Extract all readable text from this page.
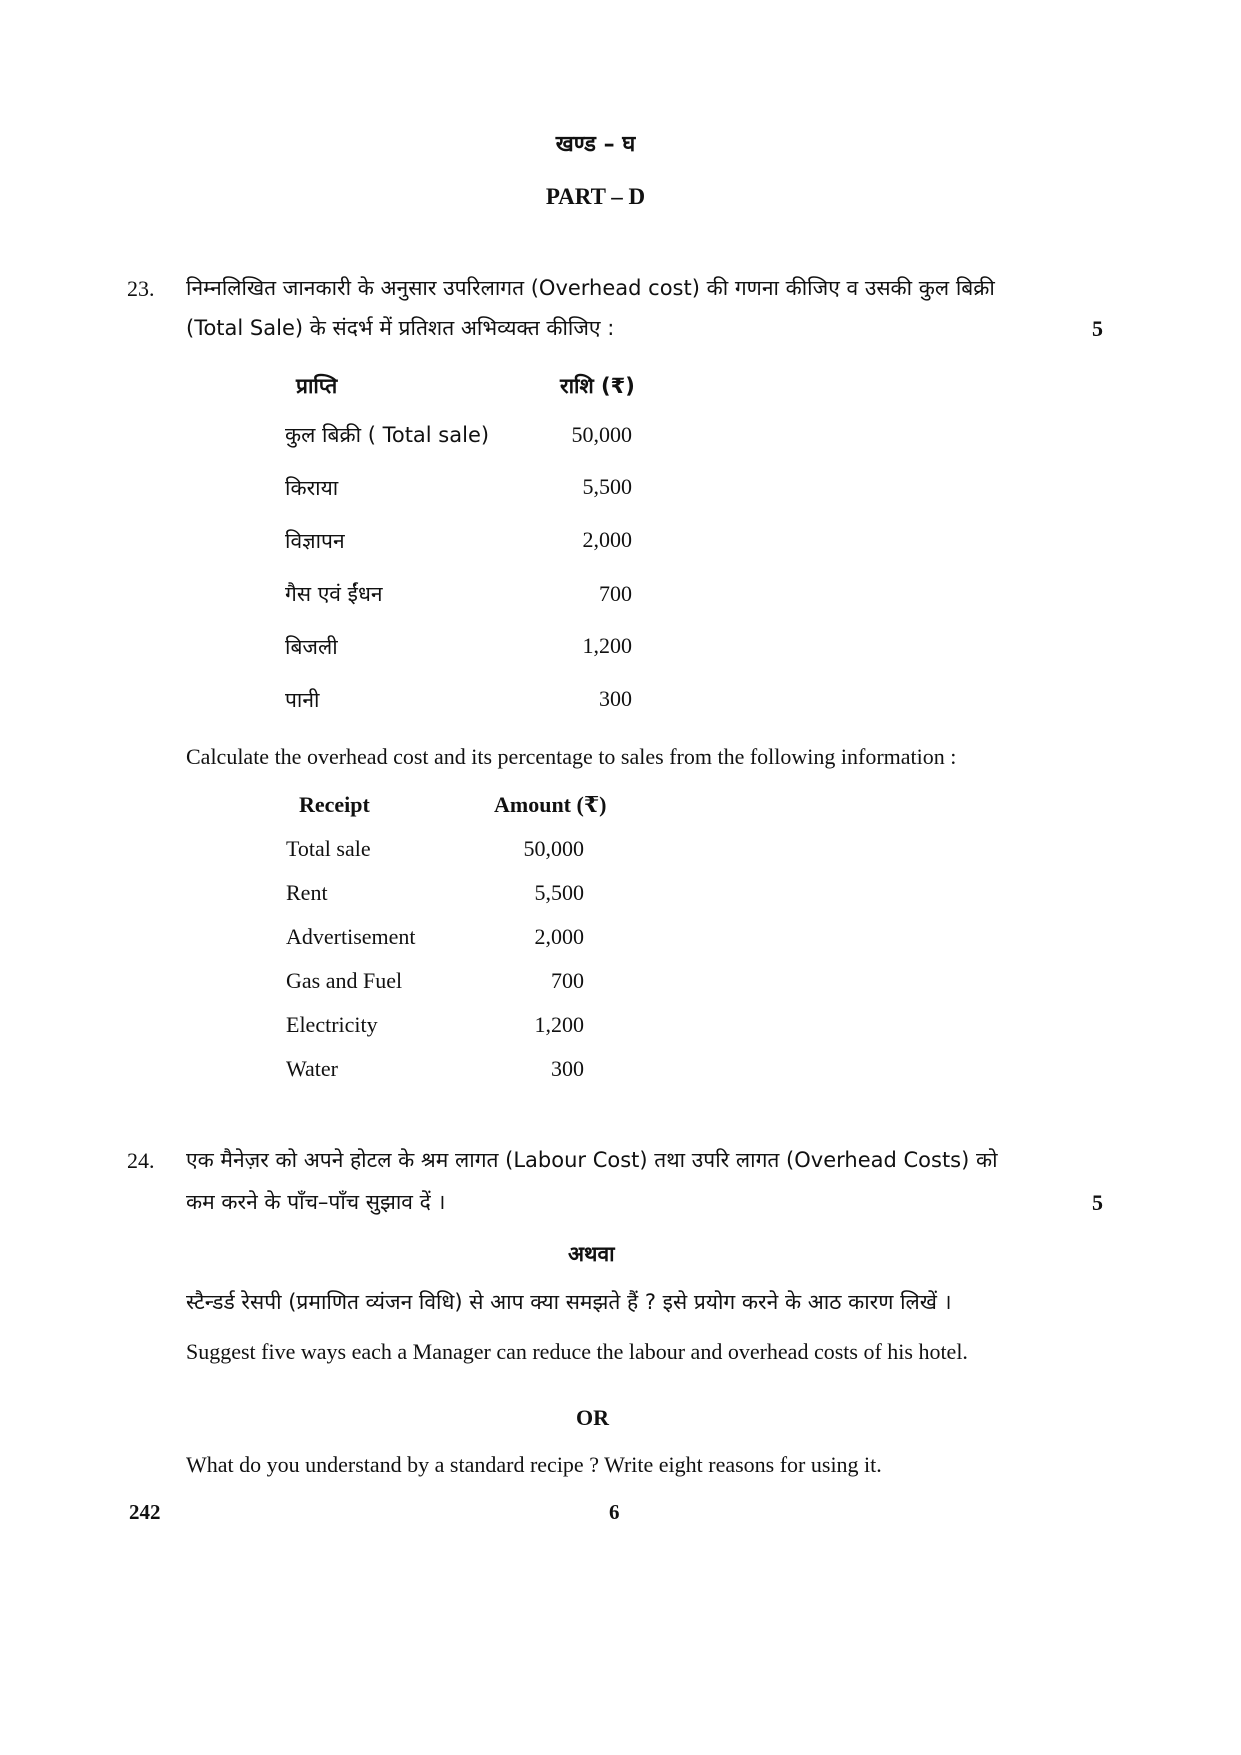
खण्ड – घ
PART – D
23. निम्नलिखित जानकारी के अनुसार उपरिलागत (Overhead cost) की गणना कीजिए व उसकी कुल बिक्री
(Total Sale) के संदर्भ में प्रतिशत अभिव्यक्त कीजिए :	5
प्राप्ति	राशि (₹)
कुल बिक्री ( Total sale)	50,000
किराया	5,500
विज्ञापन	2,000
गैस एवं ईंधन	700
बिजली	1,200
पानी	300
Calculate the overhead cost and its percentage to sales from the following information :
Receipt	Amount (₹)
Total sale	50,000
Rent	5,500
Advertisement	2,000
Gas and Fuel	700
Electricity	1,200
Water	300
24. एक मैनेज़र को अपने होटल के श्रम लागत (Labour Cost) तथा उपरि लागत (Overhead Costs) को
कम करने के पाँच–पाँच सुझाव दें ।	5
अथवा
स्टैन्डर्ड रेसपी (प्रमाणित व्यंजन विधि) से आप क्या समझते हैं ? इसे प्रयोग करने के आठ कारण लिखें ।
Suggest five ways each a Manager can reduce the labour and overhead costs of his hotel.
OR
What do you understand by a standard recipe ? Write eight reasons for using it.
242	6
